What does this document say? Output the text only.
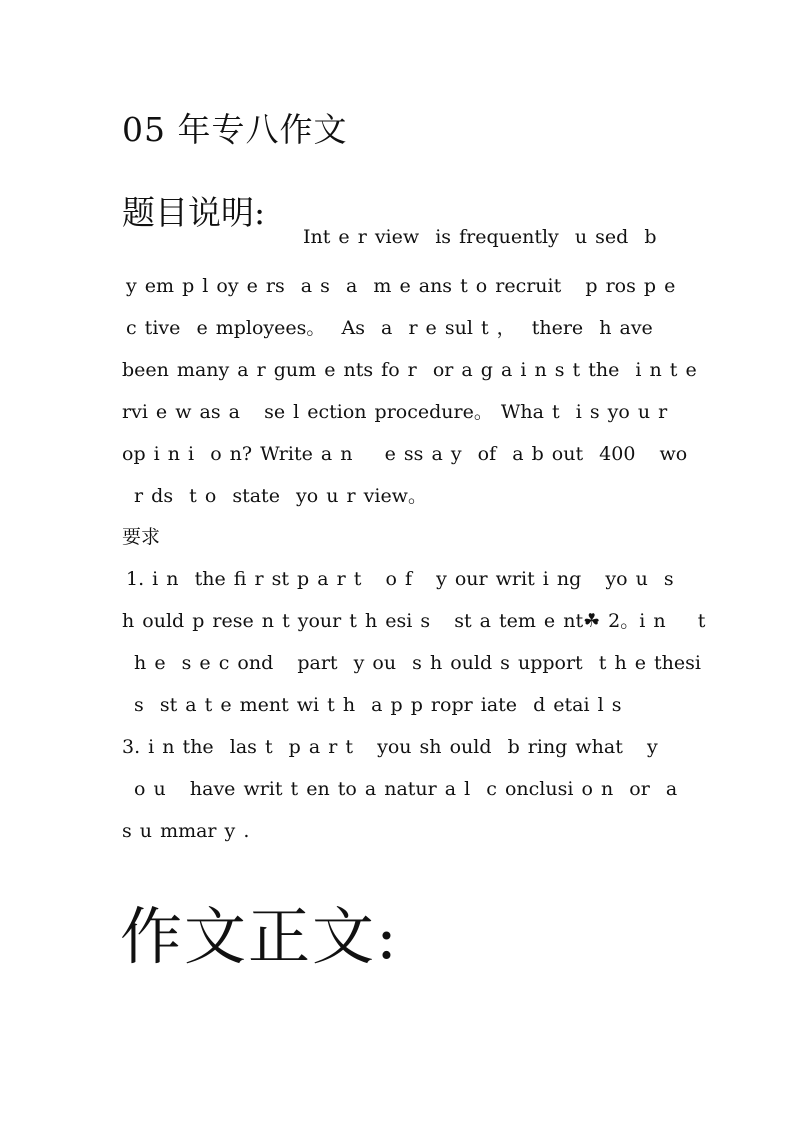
05 年专八作文
题目说明:
Int e r view  is frequently  u sed  b
y em p l oy e rs  a s  a  m e ans t o recruit   p ros p e
c tive  e mployees。  As  a  r e sul t ，  there  h ave
been many a r gum e nts fo r  or a g a i n s t the  i n t e
rvi e w as a   se l ection procedure。 Wha t  i s yo u r
op i n i  o n? Write a n    e ss a y  of  a b out  400   wo
r ds  t o  state  yo u r view。
要求
1. i n  the fi r st p a r t   o f   y our writ i ng   yo u  s
h ould p rese n t your t h esi s   st a tem e nt☘ 2。i n    t
h e  s e c ond   part  y ou  s h ould s upport  t h e thesi
s  st a t e ment wi t h  a p p ropr iate  d etai l s
3. i n the  las t  p a r t   you sh ould  b ring what   y
o u   have writ t en to a natur a l  c onclusi o n  or  a
s u mmar y .
作文正文:
